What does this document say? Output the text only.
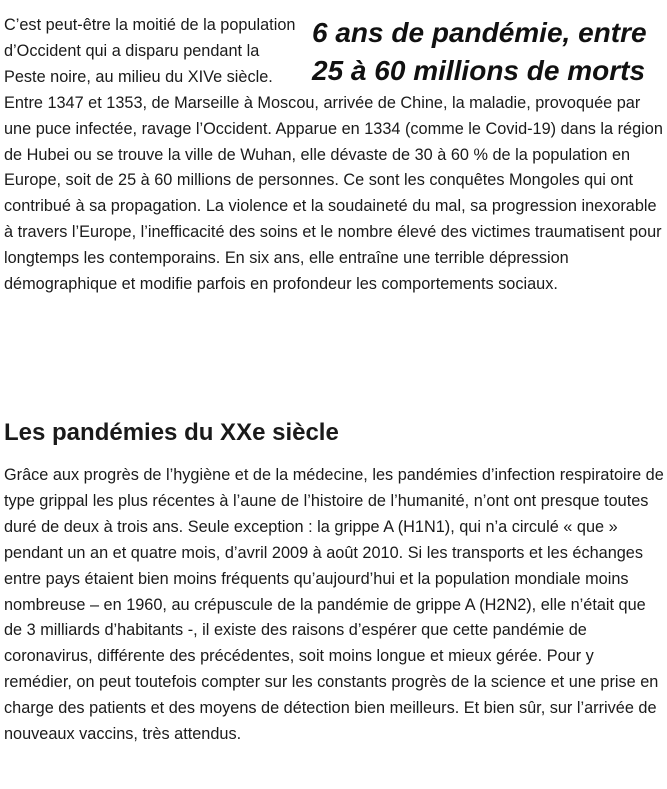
6 ans de pandémie, entre 25 à 60 millions de morts

C’est peut-être la moitié de la population d’Occident qui a disparu pendant la Peste noire, au milieu du XIVe siècle. Entre 1347 et 1353, de Marseille à Moscou, arrivée de Chine, la maladie, provoquée par une puce infectée, ravage l’Occident. Apparue en 1334 (comme le Covid-19) dans la région de Hubei ou se trouve la ville de Wuhan, elle dévaste de 30 à 60 % de la population en Europe, soit de 25 à 60 millions de personnes. Ce sont les conquêtes Mongoles qui ont contribué à sa propagation. La violence et la soudaineté du mal, sa progression inexorable à travers l’Europe, l’inefficacité des soins et le nombre élevé des victimes traumatisent pour longtemps les contemporains. En six ans, elle entraîne une terrible dépression démographique et modifie parfois en profondeur les comportements sociaux.

Les pandémies du XXe siècle

Grâce aux progrès de l’hygiène et de la médecine, les pandémies d’infection respiratoire de type grippal les plus récentes à l’aune de l’histoire de l’humanité, n’ont ont presque toutes duré de deux à trois ans. Seule exception : la grippe A (H1N1), qui n’a circulé « que » pendant un an et quatre mois, d’avril 2009 à août 2010. Si les transports et les échanges entre pays étaient bien moins fréquents qu’aujourd’hui et la population mondiale moins nombreuse – en 1960, au crépuscule de la pandémie de grippe A (H2N2), elle n’était que de 3 milliards d’habitants -, il existe des raisons d’espérer que cette pandémie de coronavirus, différente des précédentes, soit moins longue et mieux gérée. Pour y remédier, on peut toutefois compter sur les constants progrès de la science et une prise en charge des patients et des moyens de détection bien meilleurs. Et bien sûr, sur l’arrivée de nouveaux vaccins, très attendus.
